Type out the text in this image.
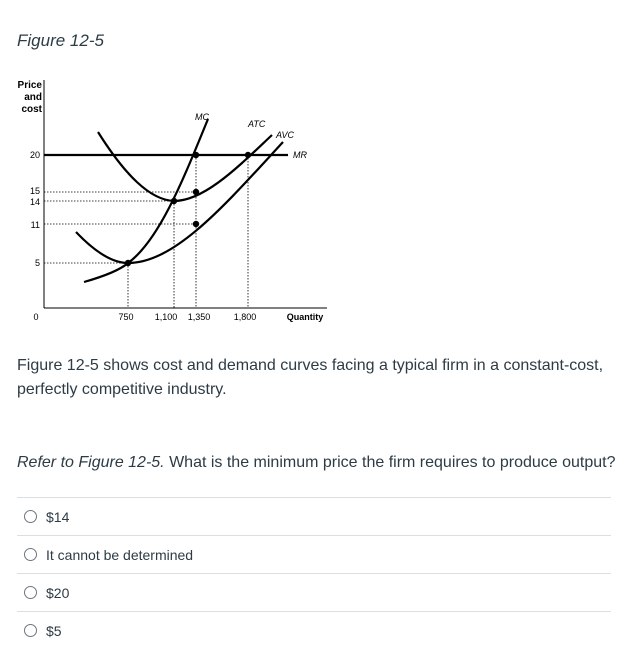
Figure 12-5
Price
and
cost
20
15
14
11
5
0	750 1,100 1,350	1,800	Quantity
MR
ATC
AVC
MC
Figure 12-5 shows cost and demand curves facing a typical firm in a constant-cost, perfectly competitive industry.
Refer to Figure 12-5. What is the minimum price the firm requires to produce output?
$14
It cannot be determined
$20
$5
